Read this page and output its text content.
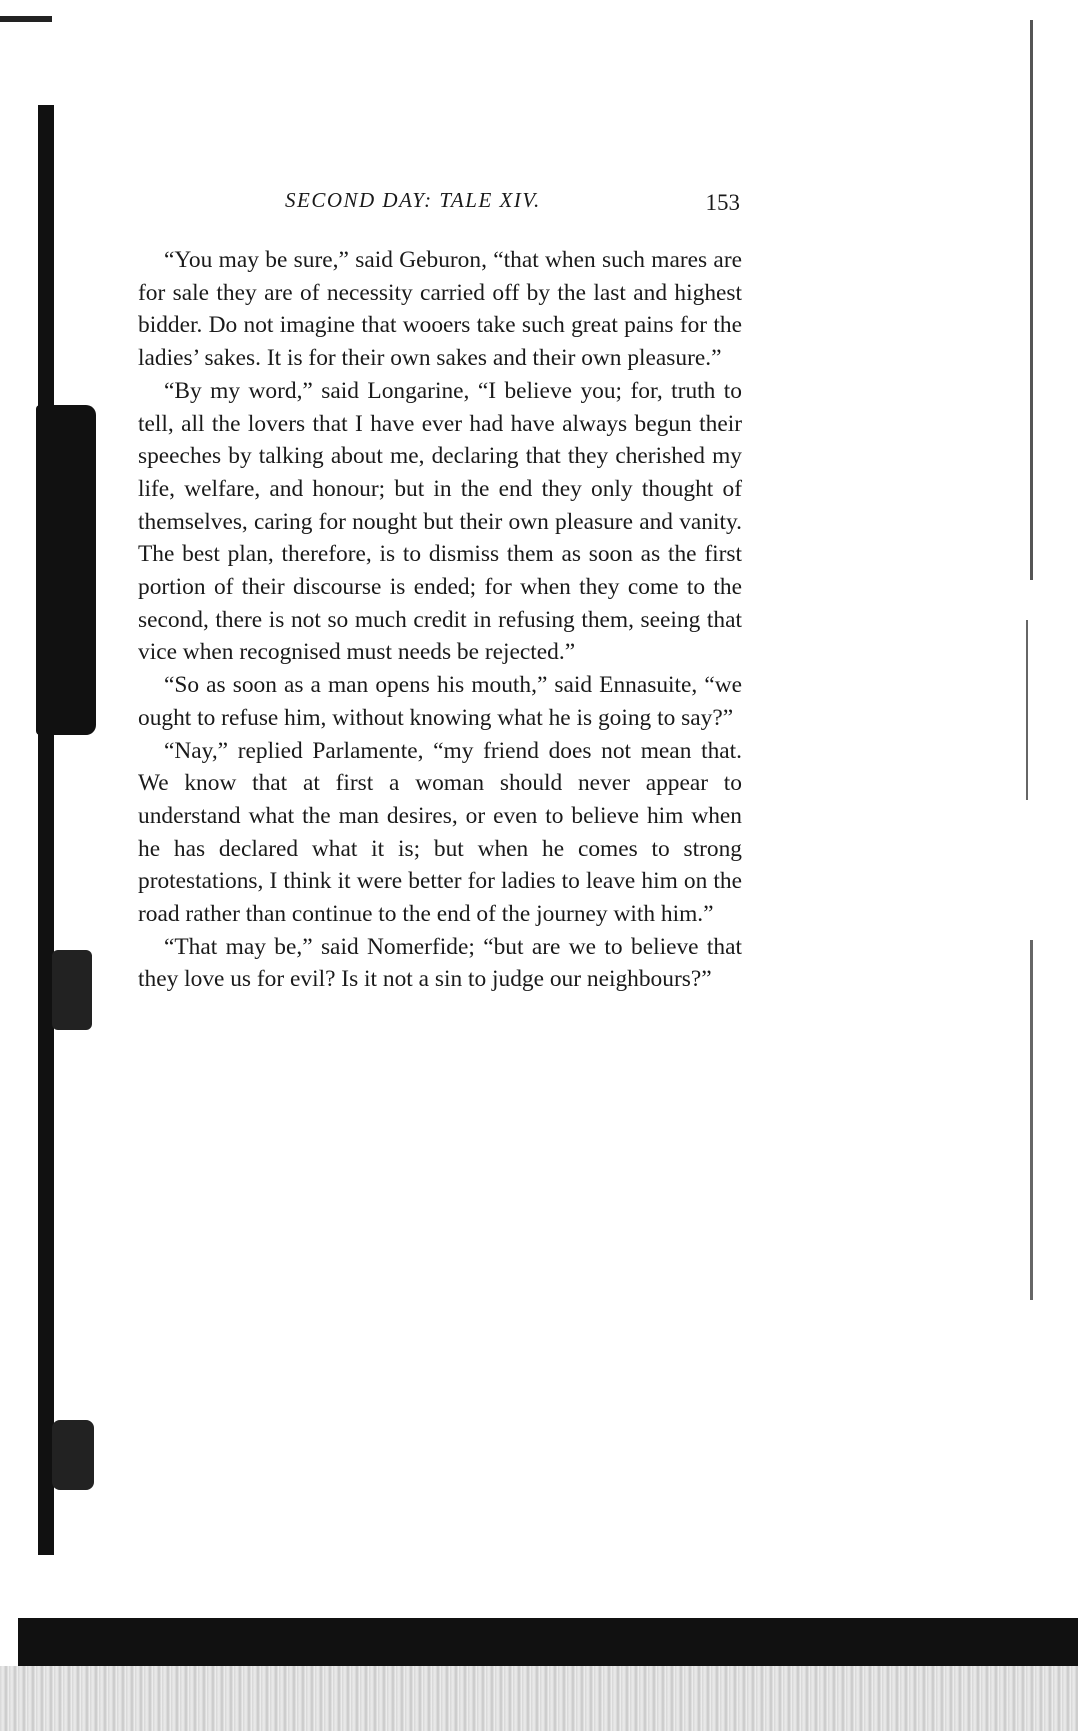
SECOND DAY: TALE XIV.	153

“You may be sure,” said Geburon, “that when such mares are for sale they are of necessity carried off by the last and highest bidder. Do not imagine that wooers take such great pains for the ladies’ sakes. It is for their own sakes and their own pleasure.”

“By my word,” said Longarine, “I believe you; for, truth to tell, all the lovers that I have ever had have always begun their speeches by talking about me, declaring that they cherished my life, welfare, and honour; but in the end they only thought of themselves, caring for nought but their own pleasure and vanity. The best plan, therefore, is to dismiss them as soon as the first portion of their discourse is ended; for when they come to the second, there is not so much credit in refusing them, seeing that vice when recognised must needs be rejected.”

“So as soon as a man opens his mouth,” said Ennasuite, “we ought to refuse him, without knowing what he is going to say?”

“Nay,” replied Parlamente, “my friend does not mean that. We know that at first a woman should never appear to understand what the man desires, or even to believe him when he has declared what it is; but when he comes to strong protestations, I think it were better for ladies to leave him on the road rather than continue to the end of the journey with him.”

“That may be,” said Nomerfide; “but are we to believe that they love us for evil? Is it not a sin to judge our neighbours?”
